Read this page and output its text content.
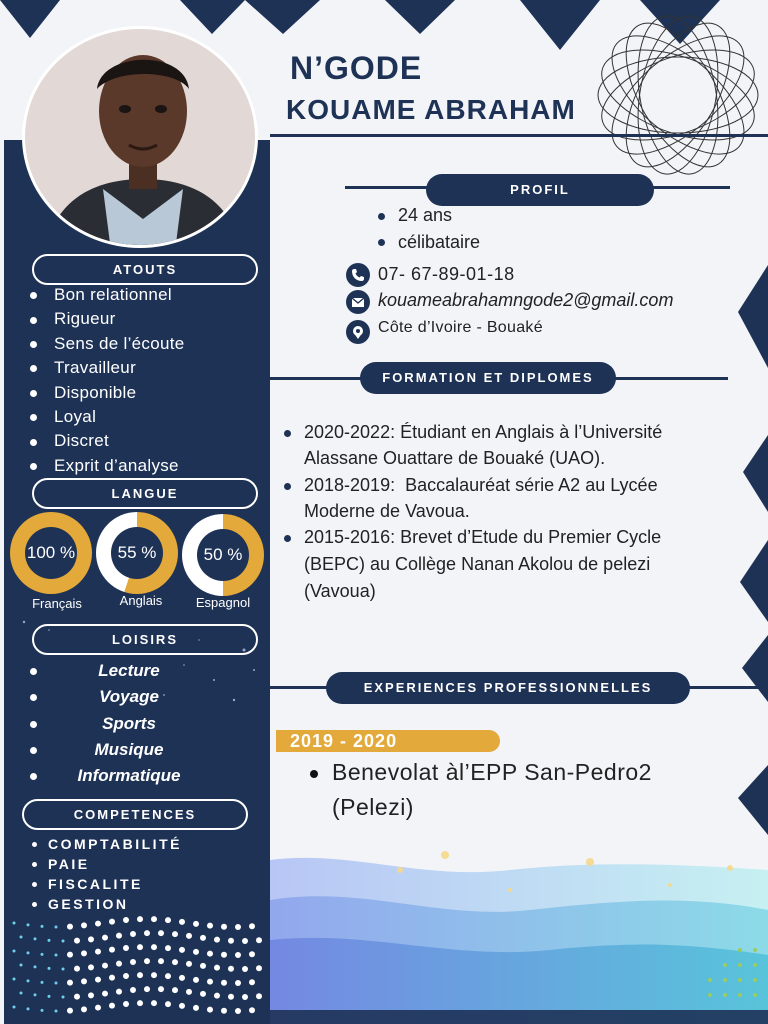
N’GODE
KOUAME ABRAHAM
ATOUTS
Bon relationnel
Rigueur
Sens de l’écoute
Travailleur
Disponible
Loyal
Discret
Exprit d’analyse
LANGUE
100 %
Français
55 %
Anglais
50 %
Espagnol
LOISIRS
Lecture
Voyage
Sports
Musique
Informatique
COMPETENCES
COMPTABILITÉ
PAIE
FISCALITE
GESTION
PROFIL
24 ans
célibataire
07- 67-89-01-18
kouameabrahamngode2@gmail.com
Côte d’Ivoire - Bouaké
FORMATION ET DIPLOMES
2020-2022: Étudiant en Anglais à l’Université
Alassane Ouattare de Bouaké (UAO).
2018-2019:  Baccalauréat série A2 au Lycée
Moderne de Vavoua.
2015-2016: Brevet d’Etude du Premier Cycle
(BEPC) au Collège Nanan Akolou de pelezi
(Vavoua)
EXPERIENCES PROFESSIONNELLES
2019 - 2020
Benevolat àl’EPP San-Pedro2
(Pelezi)
